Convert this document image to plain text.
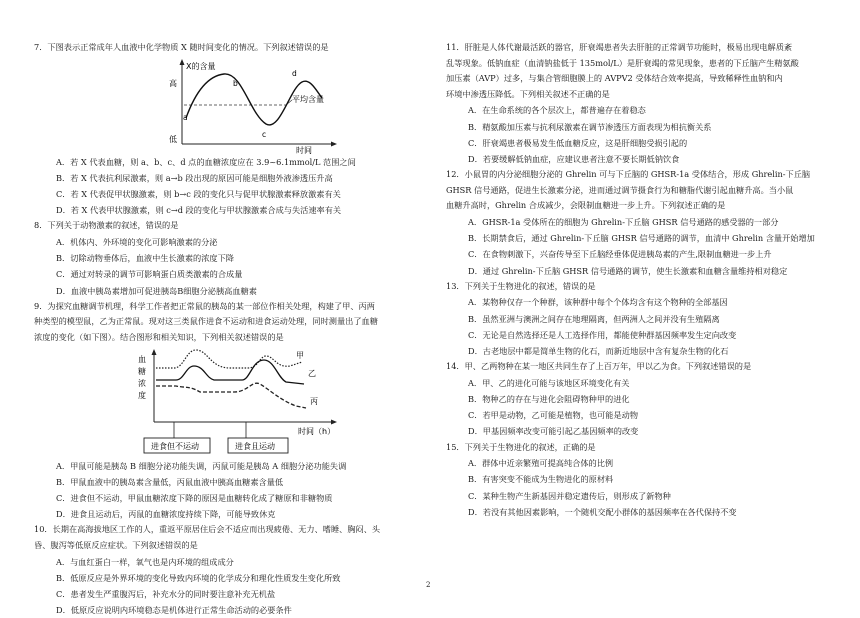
7．下图表示正常成年人血液中化学物质 X 随时间变化的情况。下列叙述错误的是

X的含量
高
低
a
b
c
d
平均含量
时间

A．若 X 代表血糖，则 a、b、c、d 点的血糖浓度应在 3.9~6.1mmol/L 范围之间

B．若 X 代表抗利尿激素，则 a→b 段出现的原因可能是细胞外液渗透压升高

C．若 X 代表促甲状腺激素，则 b→c 段的变化只与促甲状腺激素释放激素有关

D．若 X 代表甲状腺激素，则 c→d 段的变化与甲状腺激素合成与失活速率有关

8．下列关于动物激素的叙述，错误的是

A．机体内、外环境的变化可影响激素的分泌

B．切除动物垂体后，血液中生长激素的浓度下降

C．通过对转录的调节可影响蛋白质类激素的合成量

D．血液中胰岛素增加可促进胰岛B细胞分泌胰高血糖素

9．为探究血糖调节机理，科学工作者把正常鼠的胰岛的某一部位作相关处理，构建了甲、丙两

种类型的模型鼠，乙为正常鼠。现对这三类鼠作进食不运动和进食运动处理，同时测量出了血糖

浓度的变化（如下图）。结合图形和相关知识，下列相关叙述错误的是

血
糖
浓
度
甲
乙
丙
时间（h）
进食但不运动	进食且运动

A．甲鼠可能是胰岛 B 细胞分泌功能失调，丙鼠可能是胰岛 A 细胞分泌功能失调

B．甲鼠血液中的胰岛素含量低，丙鼠血液中胰高血糖素含量低

C．进食但不运动，甲鼠血糖浓度下降的原因是血糖转化成了糖原和非糖物质

D．进食且运动后，丙鼠的血糖浓度持续下降，可能导致休克

10．长期在高海拔地区工作的人，重返平原居住后会不适应而出现疲倦、无力、嗜睡、胸闷、头

昏、腹泻等低原反应症状。下列叙述错误的是

A．与血红蛋白一样，氧气也是内环境的组成成分

B．低原反应是外界环境的变化导致内环境的化学成分和理化性质发生变化所致

C．患者发生严重腹泻后，补充水分的同时要注意补充无机盐

D．低原反应说明内环境稳态是机体进行正常生命活动的必要条件

11．肝脏是人体代谢最活跃的器官，肝衰竭患者失去肝脏的正常调节功能时，极易出现电解质紊

乱等现象。低钠血症（血清钠盐低于 135mol/L）是肝衰竭的常见现象，患者的下丘脑产生精氨酸

加压素（AVP）过多，与集合管细胞膜上的 AVPV2 受体结合效率提高，导致稀释性血钠和内

环境中渗透压降低。下列相关叙述不正确的是

A．在生命系统的各个层次上，都普遍存在着稳态

B．精氨酸加压素与抗利尿激素在调节渗透压方面表现为相抗衡关系

C．肝衰竭患者极易发生低血糖反应，这是肝细胞受损引起的

D．若要缓解低钠血症，应建议患者注意不要长期低钠饮食

12．小鼠胃的内分泌细胞分泌的 Ghrelin 可与下丘脑的 GHSR-1a 受体结合，形成 Ghrelin-下丘脑

GHSR 信号通路，促进生长激素分泌，进而通过调节摄食行为和糖脂代谢引起血糖升高。当小鼠

血糖升高时，Ghrelin 合成减少，会限制血糖进一步上升。下列叙述正确的是

A．GHSR-1a 受体所在的细胞为 Ghrelin-下丘脑 GHSR 信号通路的感受器的一部分

B．长期禁食后，通过 Ghrelin-下丘脑 GHSR 信号通路的调节，血清中 Ghrelin 含量开始增加

C．在食物刺激下，兴奋传导至下丘脑经垂体促进胰岛素的产生,限制血糖进一步上升

D．通过 Ghrelin-下丘脑 GHSR 信号通路的调节，使生长激素和血糖含量维持相对稳定

13．下列关于生物进化的叙述，错误的是

A．某物种仅存一个种群，该种群中每个个体均含有这个物种的全部基因

B．虽然亚洲与澳洲之间存在地理隔离，但两洲人之间并没有生殖隔离

C．无论是自然选择还是人工选择作用，都能使种群基因频率发生定向改变

D．古老地层中都是简单生物的化石，而新近地层中含有复杂生物的化石

14．甲、乙两物种在某一地区共同生存了上百万年，甲以乙为食。下列叙述错误的是

A．甲、乙的进化可能与该地区环境变化有关

B．物种乙的存在与进化会阻碍物种甲的进化

C．若甲是动物，乙可能是植物，也可能是动物

D．甲基因频率改变可能引起乙基因频率的改变

15．下列关于生物进化的叙述，正确的是

A．群体中近亲繁殖可提高纯合体的比例

B．有害突变不能成为生物进化的原材料

C．某种生物产生新基因并稳定遗传后，则形成了新物种

D．若没有其他因素影响，一个随机交配小群体的基因频率在各代保持不变

2
